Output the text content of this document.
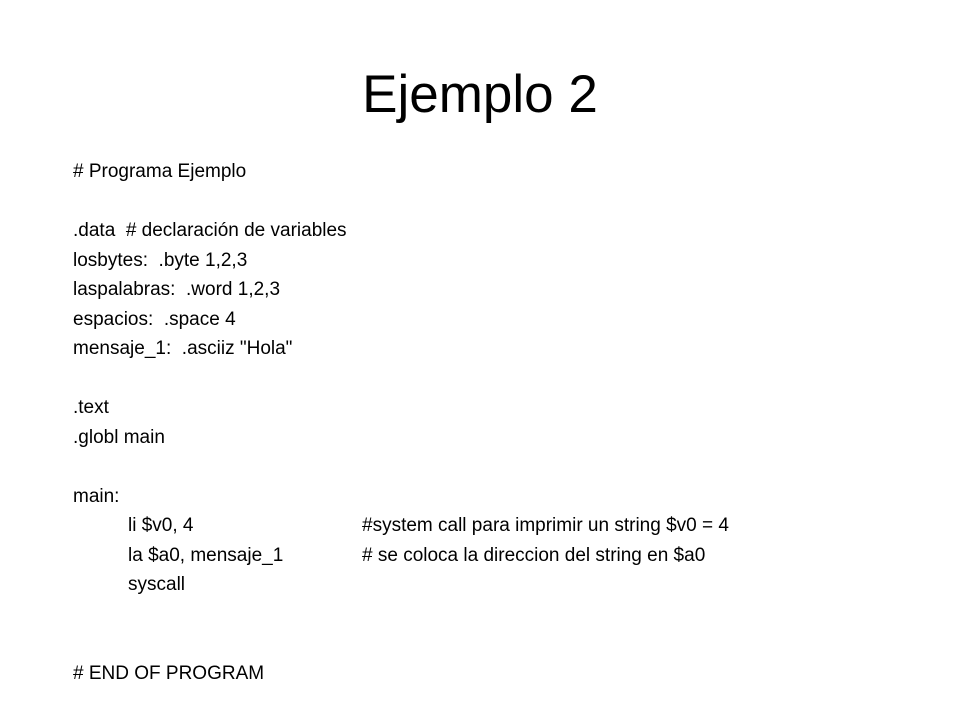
Ejemplo 2
# Programa Ejemplo
.data  # declaración de variables
losbytes:  .byte 1,2,3
laspalabras:  .word 1,2,3
espacios:  .space 4
mensaje_1:  .asciiz "Hola"
.text
.globl main
main:
li $v0, 4	#system call para imprimir un string $v0 = 4
la $a0, mensaje_1	# se coloca la direccion del string en $a0
syscall
# END OF PROGRAM
